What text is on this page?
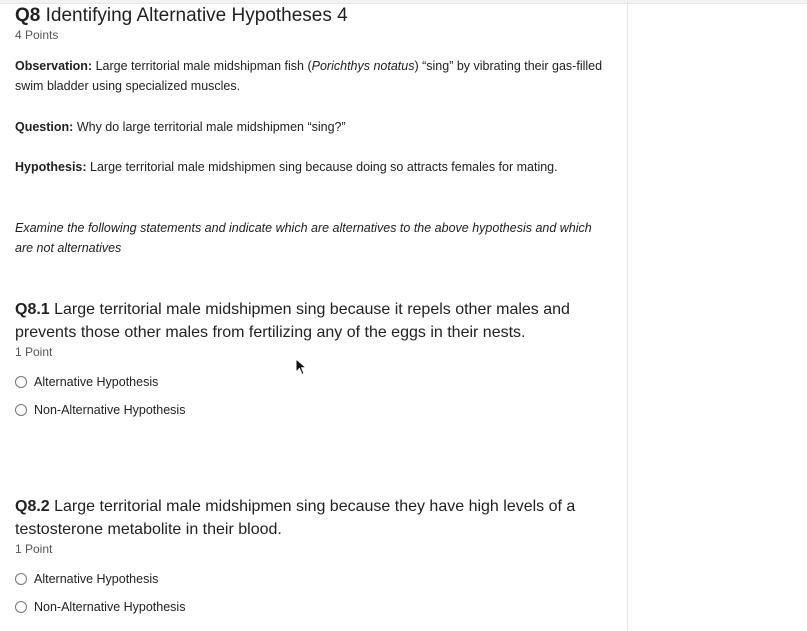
Q8 Identifying Alternative Hypotheses 4
4 Points

Observation: Large territorial male midshipman fish (Porichthys notatus) “sing” by vibrating their gas-filled swim bladder using specialized muscles.

Question: Why do large territorial male midshipmen “sing?”

Hypothesis: Large territorial male midshipmen sing because doing so attracts females for mating.

Examine the following statements and indicate which are alternatives to the above hypothesis and which are not alternatives

Q8.1 Large territorial male midshipmen sing because it repels other males and prevents those other males from fertilizing any of the eggs in their nests.
1 Point
Alternative Hypothesis
Non-Alternative Hypothesis
Q8.2 Large territorial male midshipmen sing because they have high levels of a testosterone metabolite in their blood.
1 Point
Alternative Hypothesis
Non-Alternative Hypothesis
